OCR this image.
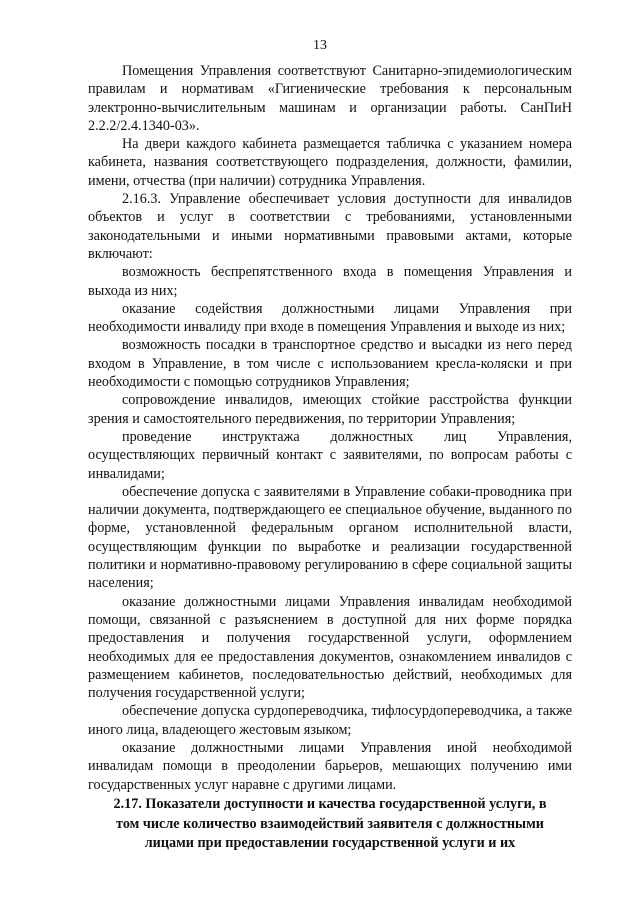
13

Помещения Управления соответствуют Санитарно-эпидемиологическим правилам и нормативам «Гигиенические требования к персональным электронно-вычислительным машинам и организации работы. СанПиН 2.2.2/2.4.1340-03».

На двери каждого кабинета размещается табличка с указанием номера кабинета, названия соответствующего подразделения, должности, фамилии, имени, отчества (при наличии) сотрудника Управления.

2.16.3. Управление обеспечивает условия доступности для инвалидов объектов и услуг в соответствии с требованиями, установленными законодательными и иными нормативными правовыми актами, которые включают:

возможность беспрепятственного входа в помещения Управления и выхода из них;

оказание содействия должностными лицами Управления при необходимости инвалиду при входе в помещения Управления и выходе из них;

возможность посадки в транспортное средство и высадки из него перед входом в Управление, в том числе с использованием кресла-коляски и при необходимости с помощью сотрудников Управления;

сопровождение инвалидов, имеющих стойкие расстройства функции зрения и самостоятельного передвижения, по территории Управления;

проведение инструктажа должностных лиц Управления, осуществляющих первичный контакт с заявителями, по вопросам работы с инвалидами;

обеспечение допуска с заявителями в Управление собаки-проводника при наличии документа, подтверждающего ее специальное обучение, выданного по форме, установленной федеральным органом исполнительной власти, осуществляющим функции по выработке и реализации государственной политики и нормативно-правовому регулированию в сфере социальной защиты населения;

оказание должностными лицами Управления инвалидам необходимой помощи, связанной с разъяснением в доступной для них форме порядка предоставления и получения государственной услуги, оформлением необходимых для ее предоставления документов, ознакомлением инвалидов с размещением кабинетов, последовательностью действий, необходимых для получения государственной услуги;

обеспечение допуска сурдопереводчика, тифлосурдопереводчика, а также иного лица, владеющего жестовым языком;

оказание должностными лицами Управления иной необходимой инвалидам помощи в преодолении барьеров, мешающих получению ими государственных услуг наравне с другими лицами.

2.17. Показатели доступности и качества государственной услуги, в

том числе количество взаимодействий заявителя с должностными

лицами при предоставлении государственной услуги и их
